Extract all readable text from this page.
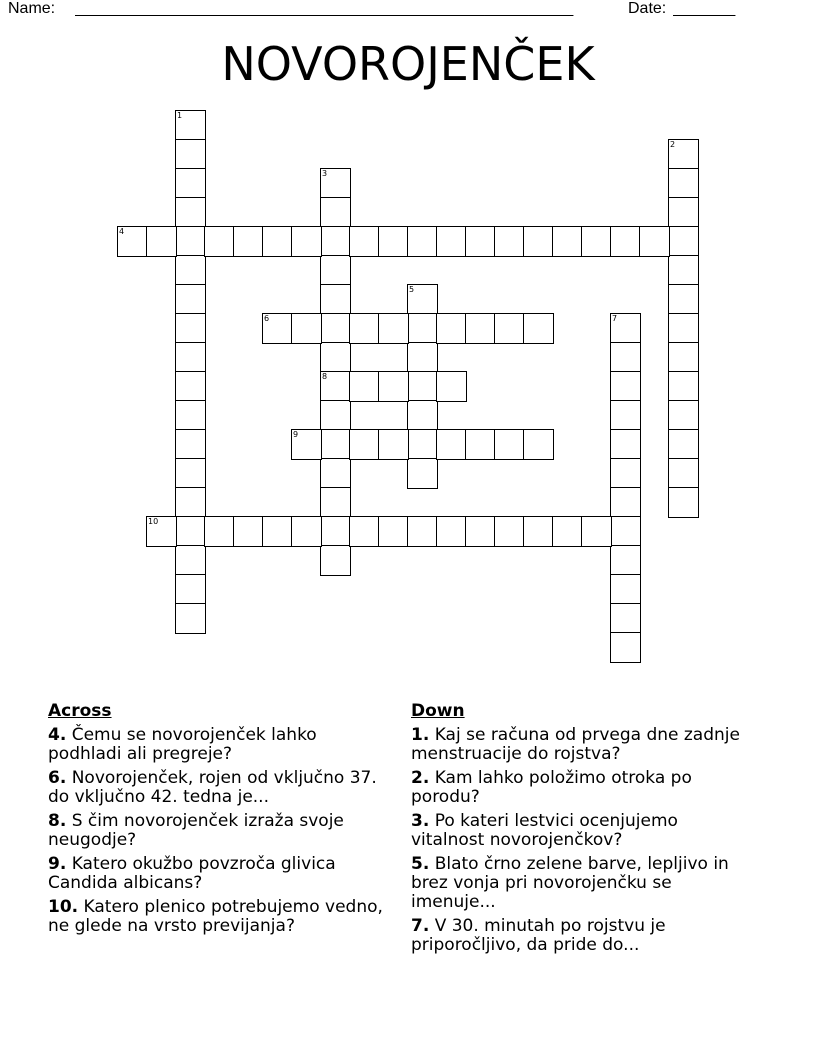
Name: ________________________________________________________	Date: _______
NOVOROJENČEK
1
2
3
8
4
5
6	7
9
10
Across
4. Čemu se novorojenček lahko podhladi ali pregreje?
6. Novorojenček, rojen od vključno 37. do vključno 42. tedna je...
8. S čim novorojenček izraža svoje neugodje?
9. Katero okužbo povzroča glivica Candida albicans?
10. Katero plenico potrebujemo vedno, ne glede na vrsto previjanja?
Down
1. Kaj se računa od prvega dne zadnje menstruacije do rojstva?
2. Kam lahko položimo otroka po porodu?
3. Po kateri lestvici ocenjujemo vitalnost novorojenčkov?
5. Blato črno zelene barve, lepljivo in brez vonja pri novorojenčku se imenuje...
7. V 30. minutah po rojstvu je priporočljivo, da pride do...
